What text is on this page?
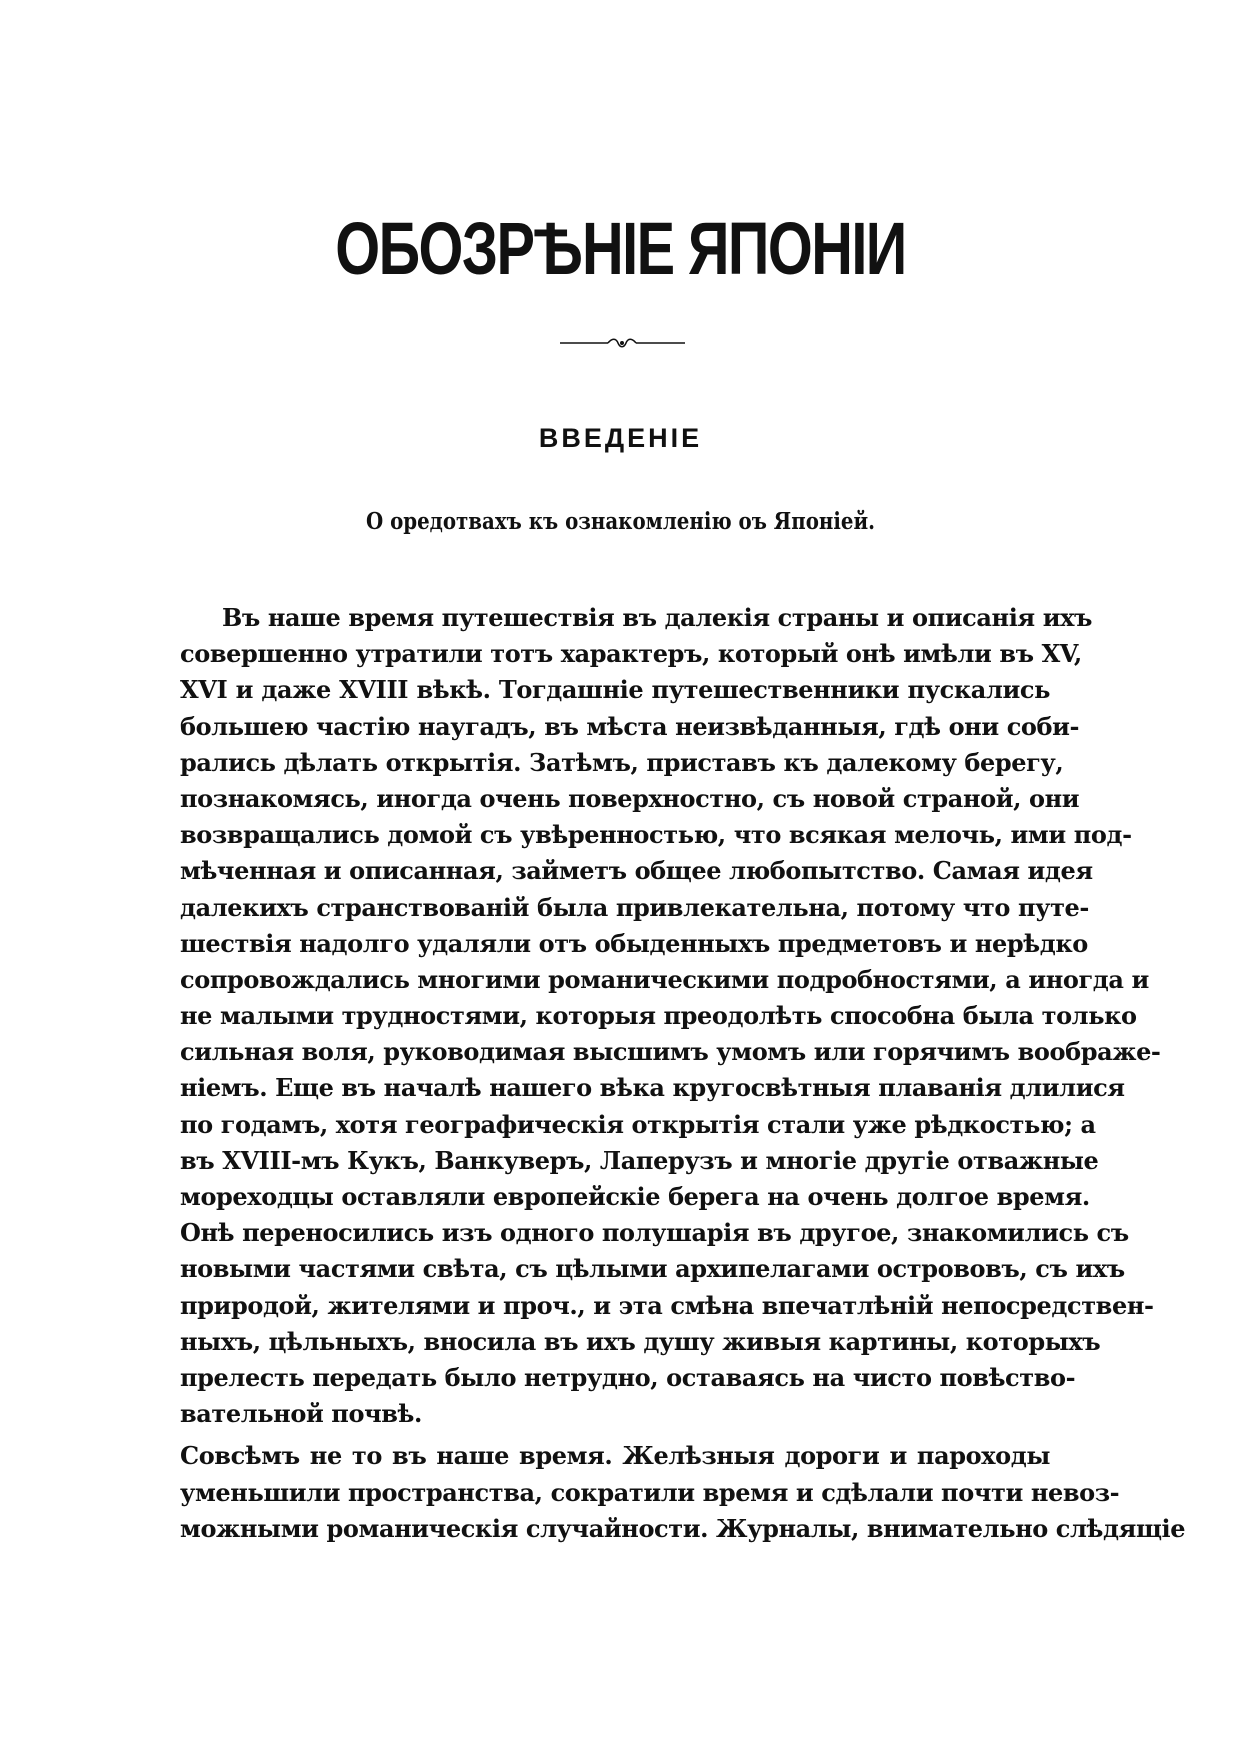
ОБОЗРѢНІЕ ЯПОНІИ
ВВЕДЕНІЕ
О оредотвахъ къ ознакомленію оъ Японіей.
Въ наше время путешествія въ далекія страны и описанія ихъ
совершенно утратили тотъ характеръ, который онѣ имѣли въ XV,
XVI и даже XVIII вѣкѣ. Тогдашніе путешественники пускались
большею частію наугадъ, въ мѣста неизвѣданныя, гдѣ они соби-
рались дѣлать открытія. Затѣмъ, приставъ къ далекому берегу,
познакомясь, иногда очень поверхностно, съ новой страной, они
возвращались домой съ увѣренностью, что всякая мелочь, ими под-
мѣченная и описанная, займетъ общее любопытство. Самая идея
далекихъ странствованій была привлекательна, потому что путе-
шествія надолго удаляли отъ обыденныхъ предметовъ и нерѣдко
сопровождались многими романическими подробностями, а иногда и
не малыми трудностями, которыя преодолѣть способна была только
сильная воля, руководимая высшимъ умомъ или горячимъ воображе-
ніемъ. Еще въ началѣ нашего вѣка кругосвѣтныя плаванія длилися
по годамъ, хотя географическія открытія стали уже рѣдкостью; а
въ XVIII-мъ Кукъ, Ванкуверъ, Лаперузъ и многіе другіе отважные
мореходцы оставляли европейскіе берега на очень долгое время.
Онѣ переносились изъ одного полушарія въ другое, знакомились съ
новыми частями свѣта, съ цѣлыми архипелагами острововъ, съ ихъ
природой, жителями и проч., и эта смѣна впечатлѣній непосредствен-
ныхъ, цѣльныхъ, вносила въ ихъ душу живыя картины, которыхъ
прелесть передать было нетрудно, оставаясь на чисто повѣство-
вательной почвѣ.
Совсѣмъ не то въ наше время. Желѣзныя дороги и пароходы
уменьшили пространства, сократили время и сдѣлали почти невоз-
можными романическія случайности. Журналы, внимательно слѣдящіе
